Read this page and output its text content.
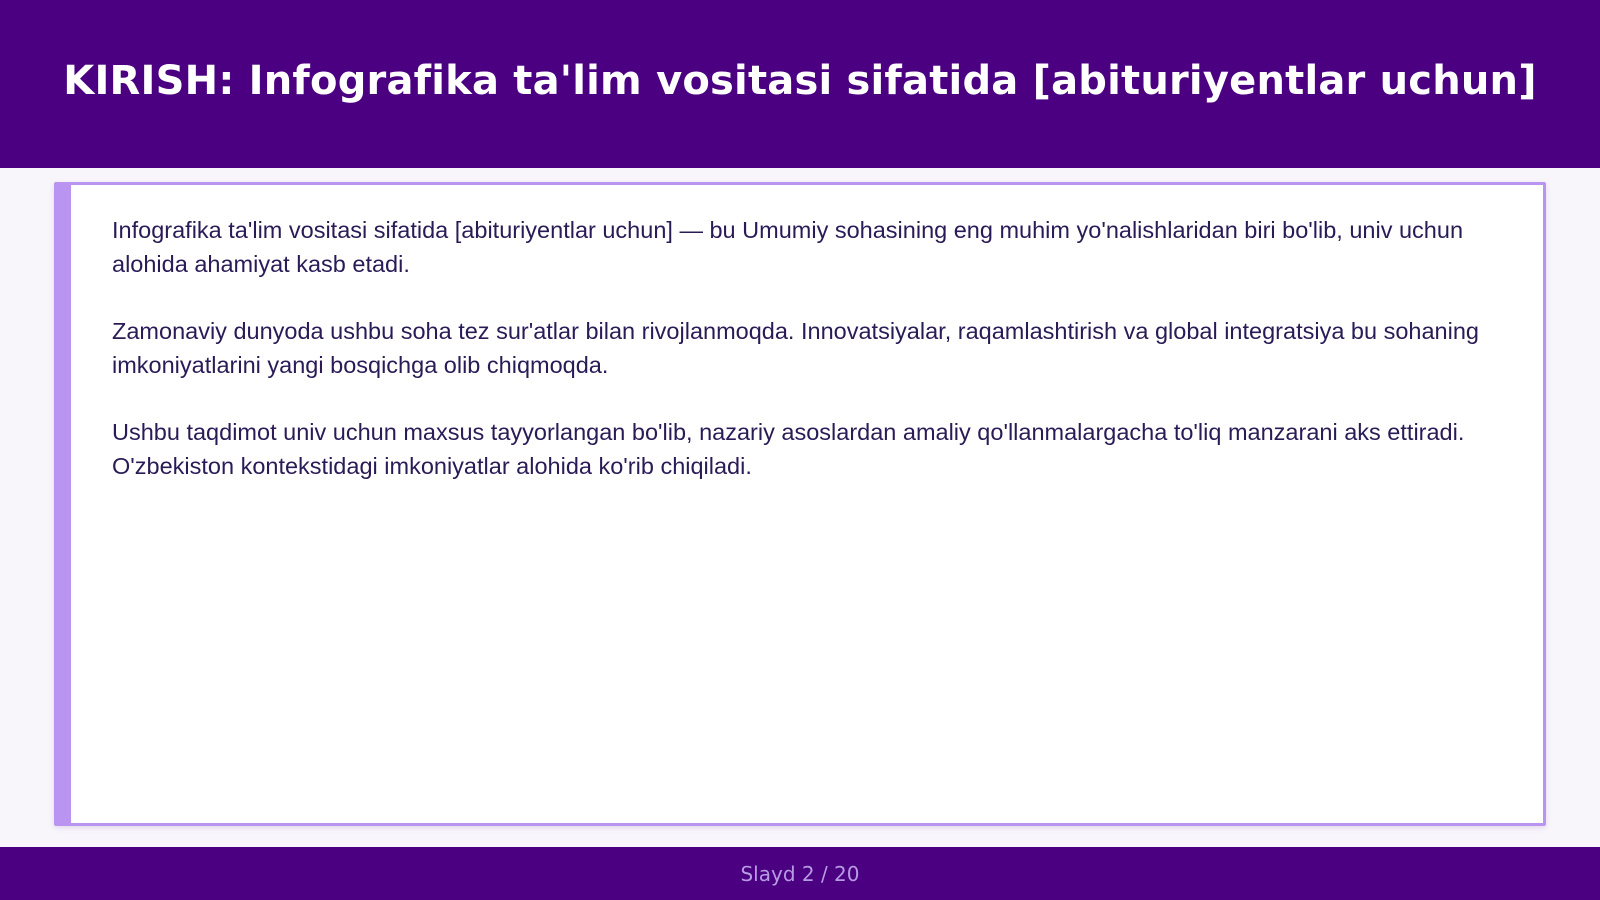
KIRISH: Infografika ta'lim vositasi sifatida [abituriyentlar uchun]

Infografika ta'lim vositasi sifatida [abituriyentlar uchun] — bu Umumiy sohasining eng muhim yo'nalishlaridan biri bo'lib, univ uchun alohida ahamiyat kasb etadi.

Zamonaviy dunyoda ushbu soha tez sur'atlar bilan rivojlanmoqda. Innovatsiyalar, raqamlashtirish va global integratsiya bu sohaning imkoniyatlarini yangi bosqichga olib chiqmoqda.

Ushbu taqdimot univ uchun maxsus tayyorlangan bo'lib, nazariy asoslardan amaliy qo'llanmalargacha to'liq manzarani aks ettiradi. O'zbekiston kontekstidagi imkoniyatlar alohida ko'rib chiqiladi.

Slayd 2 / 20
